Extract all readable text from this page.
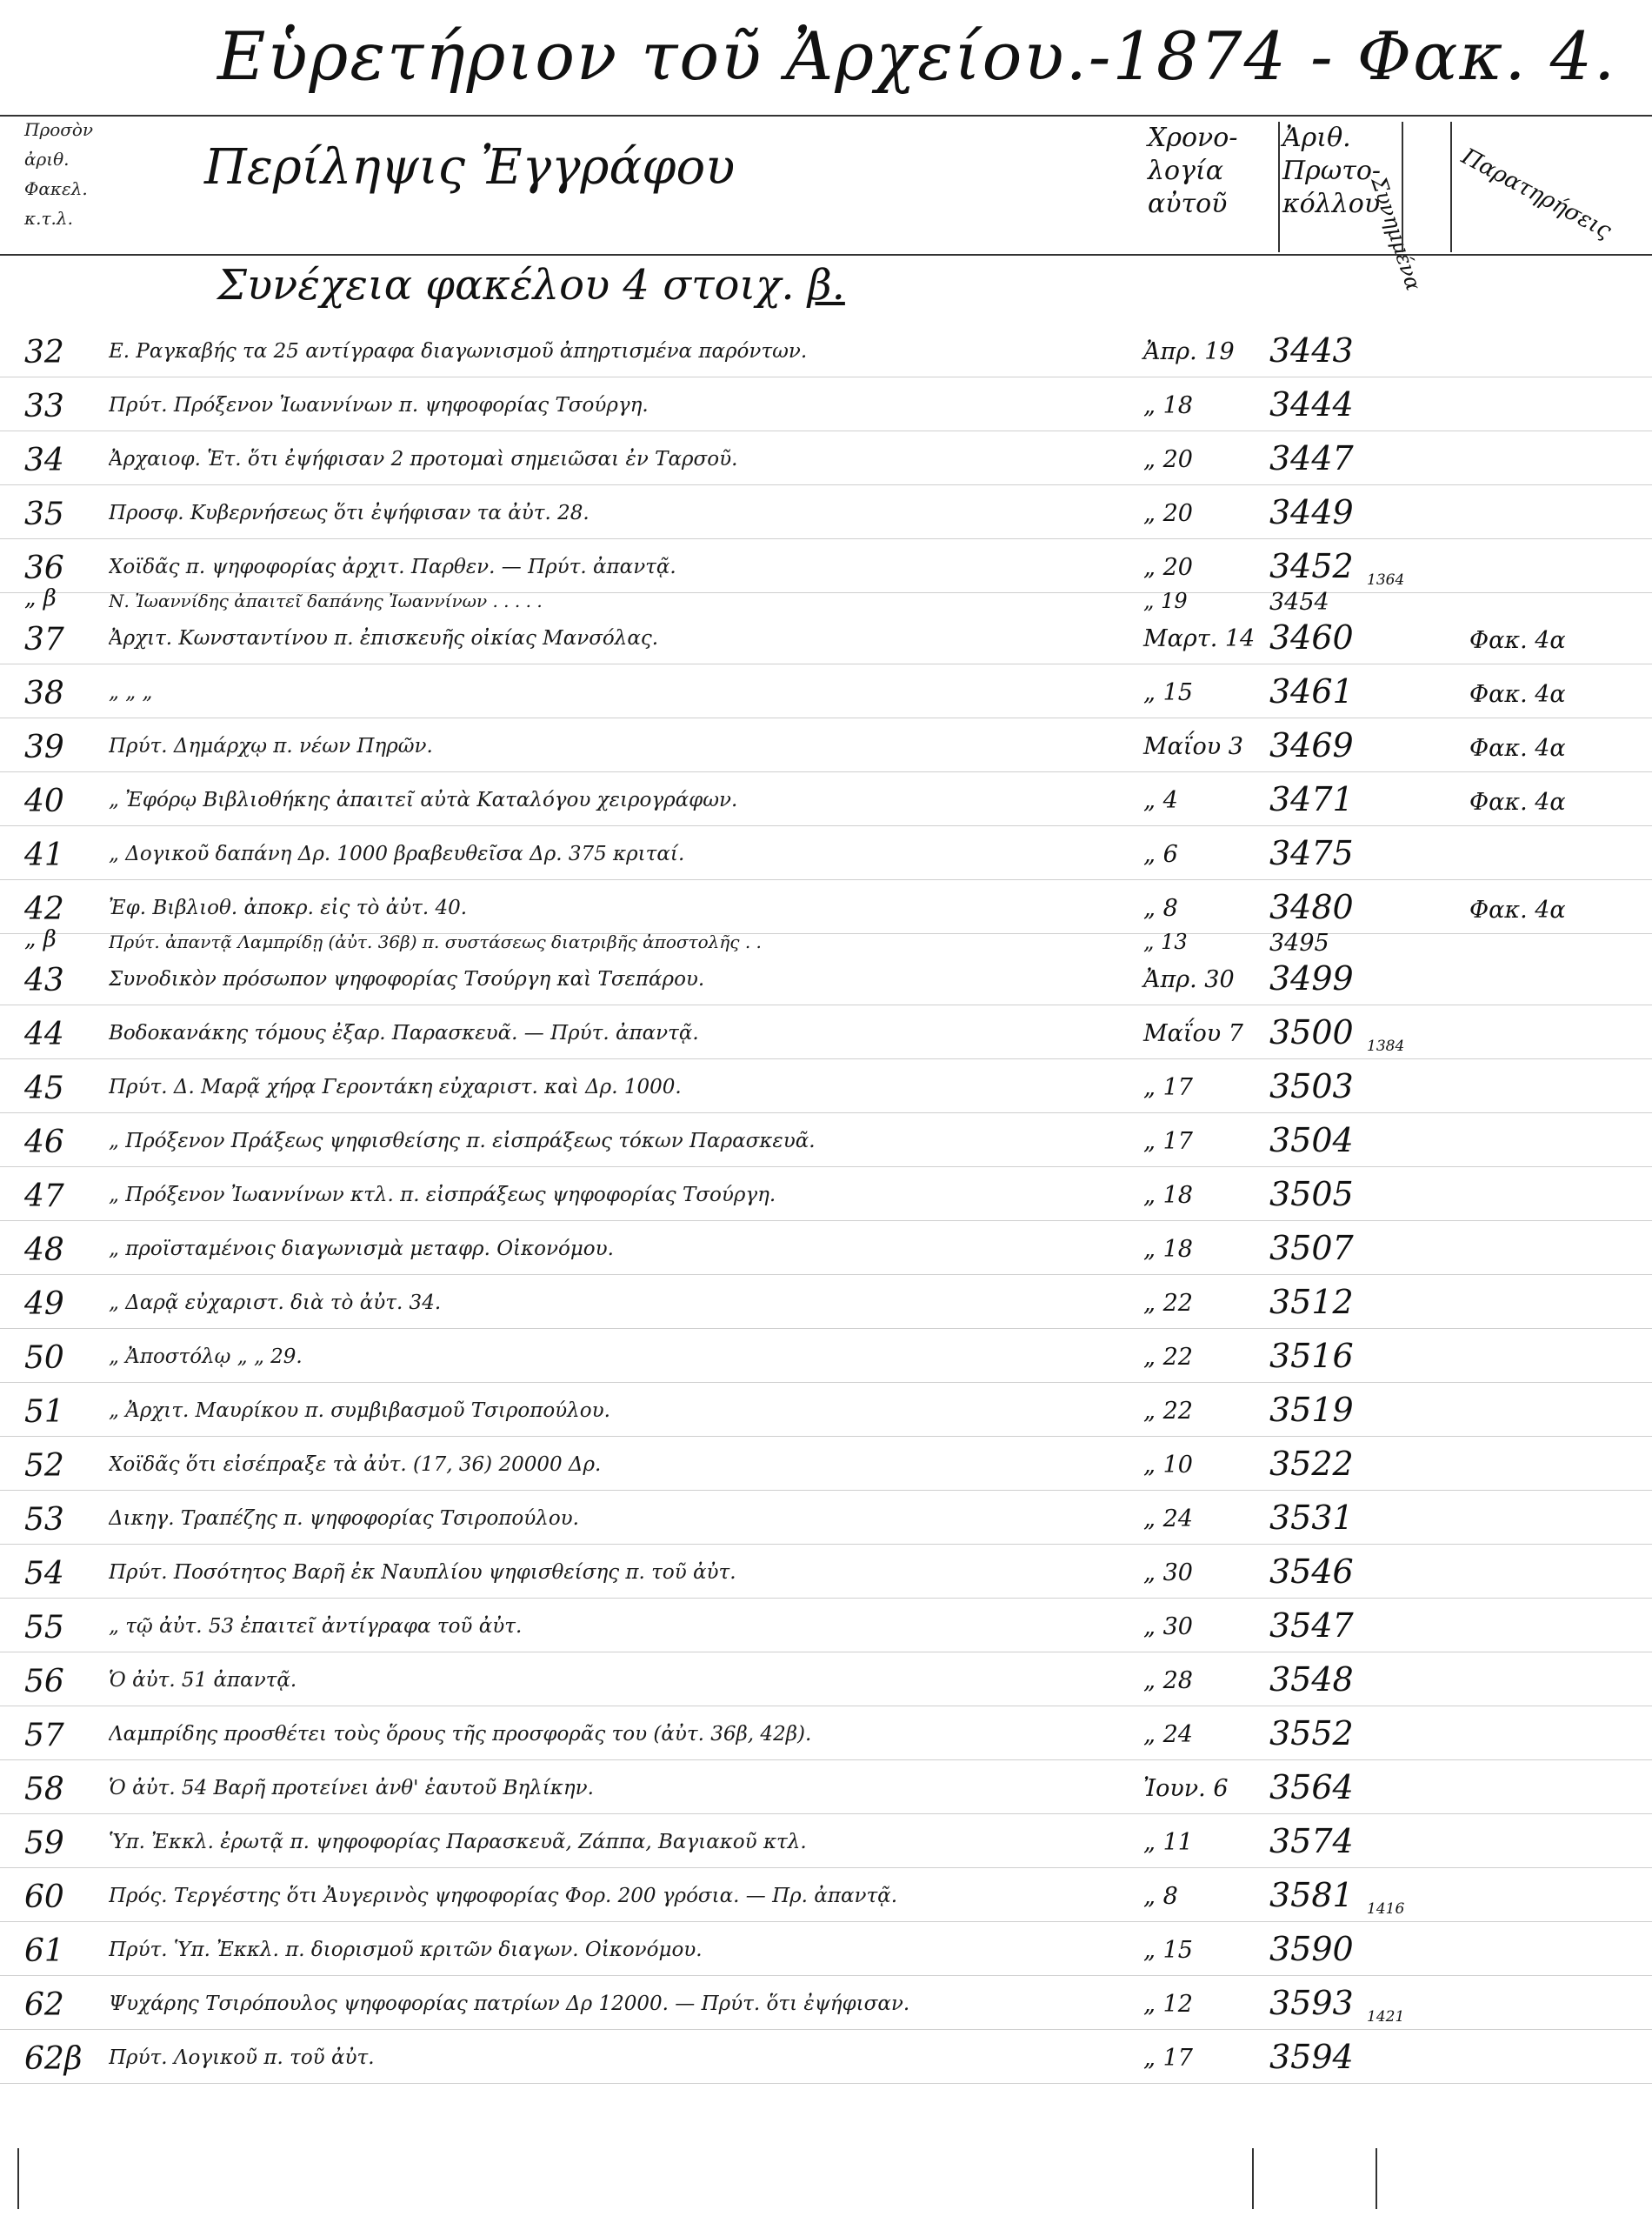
Εὑρετήριον τοῦ Ἀρχείου.-1874 - Φακ. 4.
Προσὸν
ἀριθ.
Φακελ.
κ.τ.λ.
Περίληψις Ἐγγράφου
Χρονο-
λογία
αὐτοῦ
Ἀριθ.
Πρωτο-
κόλλου
Συνημμένα Παρατηρήσεις
Συνέχεια φακέλου 4 στοιχ. β.
32	Ε. Ραγκαβής τα 25 αντίγραφα διαγωνισμοῦ ἀπηρτισμένα παρόντων.	Ἀπρ. 19	3443
33	Πρύτ. Πρόξενον Ἰωαννίνων π. ψηφοφορίας Τσούργη.	„ 18	3444
34	Ἀρχαιοφ. Ἑτ. ὅτι ἐψήφισαν 2 προτομαὶ σημειῶσαι ἐν Ταρσοῦ.	„ 20	3447
35	Προσφ. Κυβερνήσεως ὅτι ἐψήφισαν τα ἀὐτ. 28.	„ 20	3449
36	Χοϊδᾶς π. ψηφοφορίας ἀρχιτ. Παρθεν. — Πρύτ. ἀπαντᾷ.	„ 20	3452 1364
„ β	Ν. Ἰωαννίδης ἀπαιτεῖ δαπάνης Ἰωαννίνων . . . . .	„ 19	3454
37	Ἀρχιτ. Κωνσταντίνου π. ἐπισκευῆς οἰκίας Μανσόλας.	Μαρτ. 14 3460	Φακ. 4α
38	„ „ „	„ 15	3461	Φακ. 4α
39	Πρύτ. Δημάρχῳ π. νέων Πηρῶν.	Μαΐου 3 3469	Φακ. 4α
40	„ Ἐφόρῳ Βιβλιοθήκης ἀπαιτεῖ αὐτὰ Καταλόγου χειρογράφων.	„ 4	3471	Φακ. 4α
41	„ Δογικοῦ δαπάνη Δρ. 1000 βραβευθεῖσα Δρ. 375 κριταί.	„ 6	3475
42	Ἐφ. Βιβλιοθ. ἀποκρ. εἰς τὸ ἀὐτ. 40.	„ 8	3480	Φακ. 4α
„ β	Πρύτ. ἀπαντᾷ Λαμπρίδῃ (ἀὐτ. 36β) π. συστάσεως διατριβῆς ἀποστολῆς . .	„ 13	3495
43	Συνοδικὸν πρόσωπον ψηφοφορίας Τσούργη καὶ Τσεπάρου.	Ἀπρ. 30	3499
44	Βοδοκανάκης τόμους ἐξαρ. Παρασκευᾶ. — Πρύτ. ἀπαντᾷ.	Μαΐου 7 3500 1384
45	Πρύτ. Δ. Μαρᾷ χήρᾳ Γεροντάκη εὐχαριστ. καὶ Δρ. 1000.	„ 17	3503
46	„ Πρόξενον Πράξεως ψηφισθείσης π. εἰσπράξεως τόκων Παρασκευᾶ.	„ 17	3504
47	„ Πρόξενον Ἰωαννίνων κτλ. π. εἰσπράξεως ψηφοφορίας Τσούργη.	„ 18	3505
48	„ προϊσταμένοις διαγωνισμὰ μεταφρ. Οἰκονόμου.	„ 18	3507
49	„ Δαρᾷ εὐχαριστ. διὰ τὸ ἀὐτ. 34.	„ 22	3512
50	„ Ἀποστόλῳ „ „ 29.	„ 22	3516
51	„ Ἀρχιτ. Μαυρίκου π. συμβιβασμοῦ Τσιροπούλου.	„ 22	3519
52	Χοϊδᾶς ὅτι εἰσέπραξε τὰ ἀὐτ. (17, 36) 20000 Δρ.	„ 10	3522
53	Δικηγ. Τραπέζης π. ψηφοφορίας Τσιροπούλου.	„ 24	3531
54	Πρύτ. Ποσότητος Βαρῆ ἐκ Ναυπλίου ψηφισθείσης π. τοῦ ἀὐτ.	„ 30	3546
55	„ τῷ ἀὐτ. 53 ἐπαιτεῖ ἀντίγραφα τοῦ ἀὐτ.	„ 30	3547
56	Ὁ ἀὐτ. 51 ἀπαντᾷ.	„ 28	3548
57	Λαμπρίδης προσθέτει τοὺς ὅρους τῆς προσφορᾶς του (ἀὐτ. 36β, 42β).	„ 24	3552
58	Ὁ ἀὐτ. 54 Βαρῆ προτείνει ἀνθ' ἑαυτοῦ Βηλίκην.	Ἰουν. 6	3564
59	Ὑπ. Ἐκκλ. ἐρωτᾷ π. ψηφοφορίας Παρασκευᾶ, Ζάππα, Βαγιακοῦ κτλ.	„ 11	3574
60	Πρός. Τεργέστης ὅτι Ἀυγερινὸς ψηφοφορίας Φορ. 200 γρόσια. — Πρ. ἀπαντᾷ.	„ 8	3581 1416
61	Πρύτ. Ὑπ. Ἐκκλ. π. διορισμοῦ κριτῶν διαγων. Οἰκονόμου.	„ 15	3590
62	Ψυχάρης Τσιρόπουλος ψηφοφορίας πατρίων Δρ 12000. — Πρύτ. ὅτι ἐψήφισαν.	„ 12	3593 1421
62β	Πρύτ. Λογικοῦ π. τοῦ ἀὐτ.	„ 17	3594
